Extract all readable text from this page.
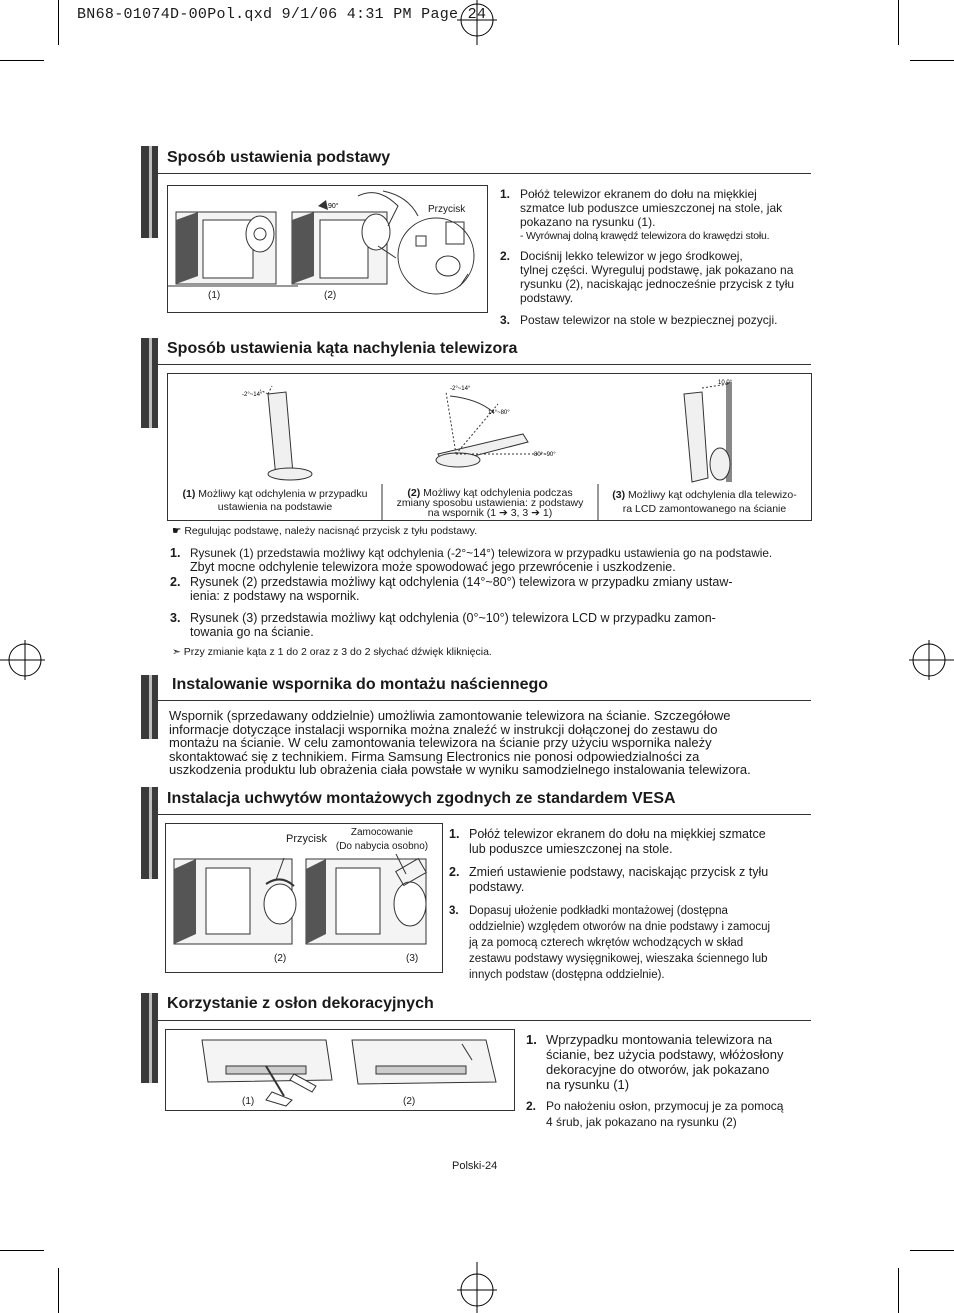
BN68-01074D-00Pol.qxd 9/1/06 4:31 PM Page 24
Sposób ustawienia podstawy
90°	Przycisk
(1)	(2)
1. Połóż telewizor ekranem do dołu na miękkiej
szmatce lub poduszce umieszczonej na stole, jak
pokazano na rysunku (1).
- Wyrównaj dolną krawędź telewizora do krawędzi stołu.
2. Dociśnij lekko telewizor w jego środkowej,
tylnej części. Wyreguluj podstawę, jak pokazano na
rysunku (2), naciskając jednocześnie przycisk z tyłu
podstawy.
3. Postaw telewizor na stole w bezpiecznej pozycji.
Sposób ustawienia kąta nachylenia telewizora
-2°~14°
-2°~14°
14°~80°
80°~90°
10,0°
(1) Możliwy kąt odchylenia w przypadku
ustawienia na podstawie
(2) Możliwy kąt odchylenia podczas
zmiany sposobu ustawienia: z podstawy
na wspornik (1 ➔ 3, 3 ➔ 1)
(3) Możliwy kąt odchylenia dla telewizo-
ra LCD zamontowanego na ścianie
☛ Regulując podstawę, należy nacisnąć przycisk z tyłu podstawy.
1. Rysunek (1) przedstawia możliwy kąt odchylenia (-2°~14°) telewizora w przypadku ustawienia go na podstawie.
Zbyt mocne odchylenie telewizora może spowodować jego przewrócenie i uszkodzenie.
2. Rysunek (2) przedstawia możliwy kąt odchylenia (14°~80°) telewizora w przypadku zmiany ustaw-
ienia: z podstawy na wspornik.
3. Rysunek (3) przedstawia możliwy kąt odchylenia (0°~10°) telewizora LCD w przypadku zamon-
towania go na ścianie.
➣ Przy zmianie kąta z 1 do 2 oraz z 3 do 2 słychać dźwięk kliknięcia.
Instalowanie wspornika do montażu naściennego
Wspornik (sprzedawany oddzielnie) umożliwia zamontowanie telewizora na ścianie. Szczegółowe
informacje dotyczące instalacji wspornika można znaleźć w instrukcji dołączonej do zestawu do
montażu na ścianie. W celu zamontowania telewizora na ścianie przy użyciu wspornika należy
skontaktować się z technikiem. Firma Samsung Electronics nie ponosi odpowiedzialności za
uszkodzenia produktu lub obrażenia ciała powstałe w wyniku samodzielnego instalowania telewizora.
Instalacja uchwytów montażowych zgodnych ze standardem VESA
Przycisk
Zamocowanie
(Do nabycia osobno)
(2)	(3)
1. Połóż telewizor ekranem do dołu na miękkiej szmatce
lub poduszce umieszczonej na stole.
2. Zmień ustawienie podstawy, naciskając przycisk z tyłu
podstawy.
3. Dopasuj ułożenie podkładki montażowej (dostępna
oddzielnie) względem otworów na dnie podstawy i zamocuj
ją za pomocą czterech wkrętów wchodzących w skład
zestawu podstawy wysięgnikowej, wieszaka ściennego lub
innych podstaw (dostępna oddzielnie).
Korzystanie z osłon dekoracyjnych
(1)	(2)
1. Wprzypadku montowania telewizora na
ścianie, bez użycia podstawy, włóżosłony
dekoracyjne do otworów, jak pokazano
na rysunku (1)
2. Po nałożeniu osłon, przymocuj je za pomocą
4 śrub, jak pokazano na rysunku (2)
Polski-24
